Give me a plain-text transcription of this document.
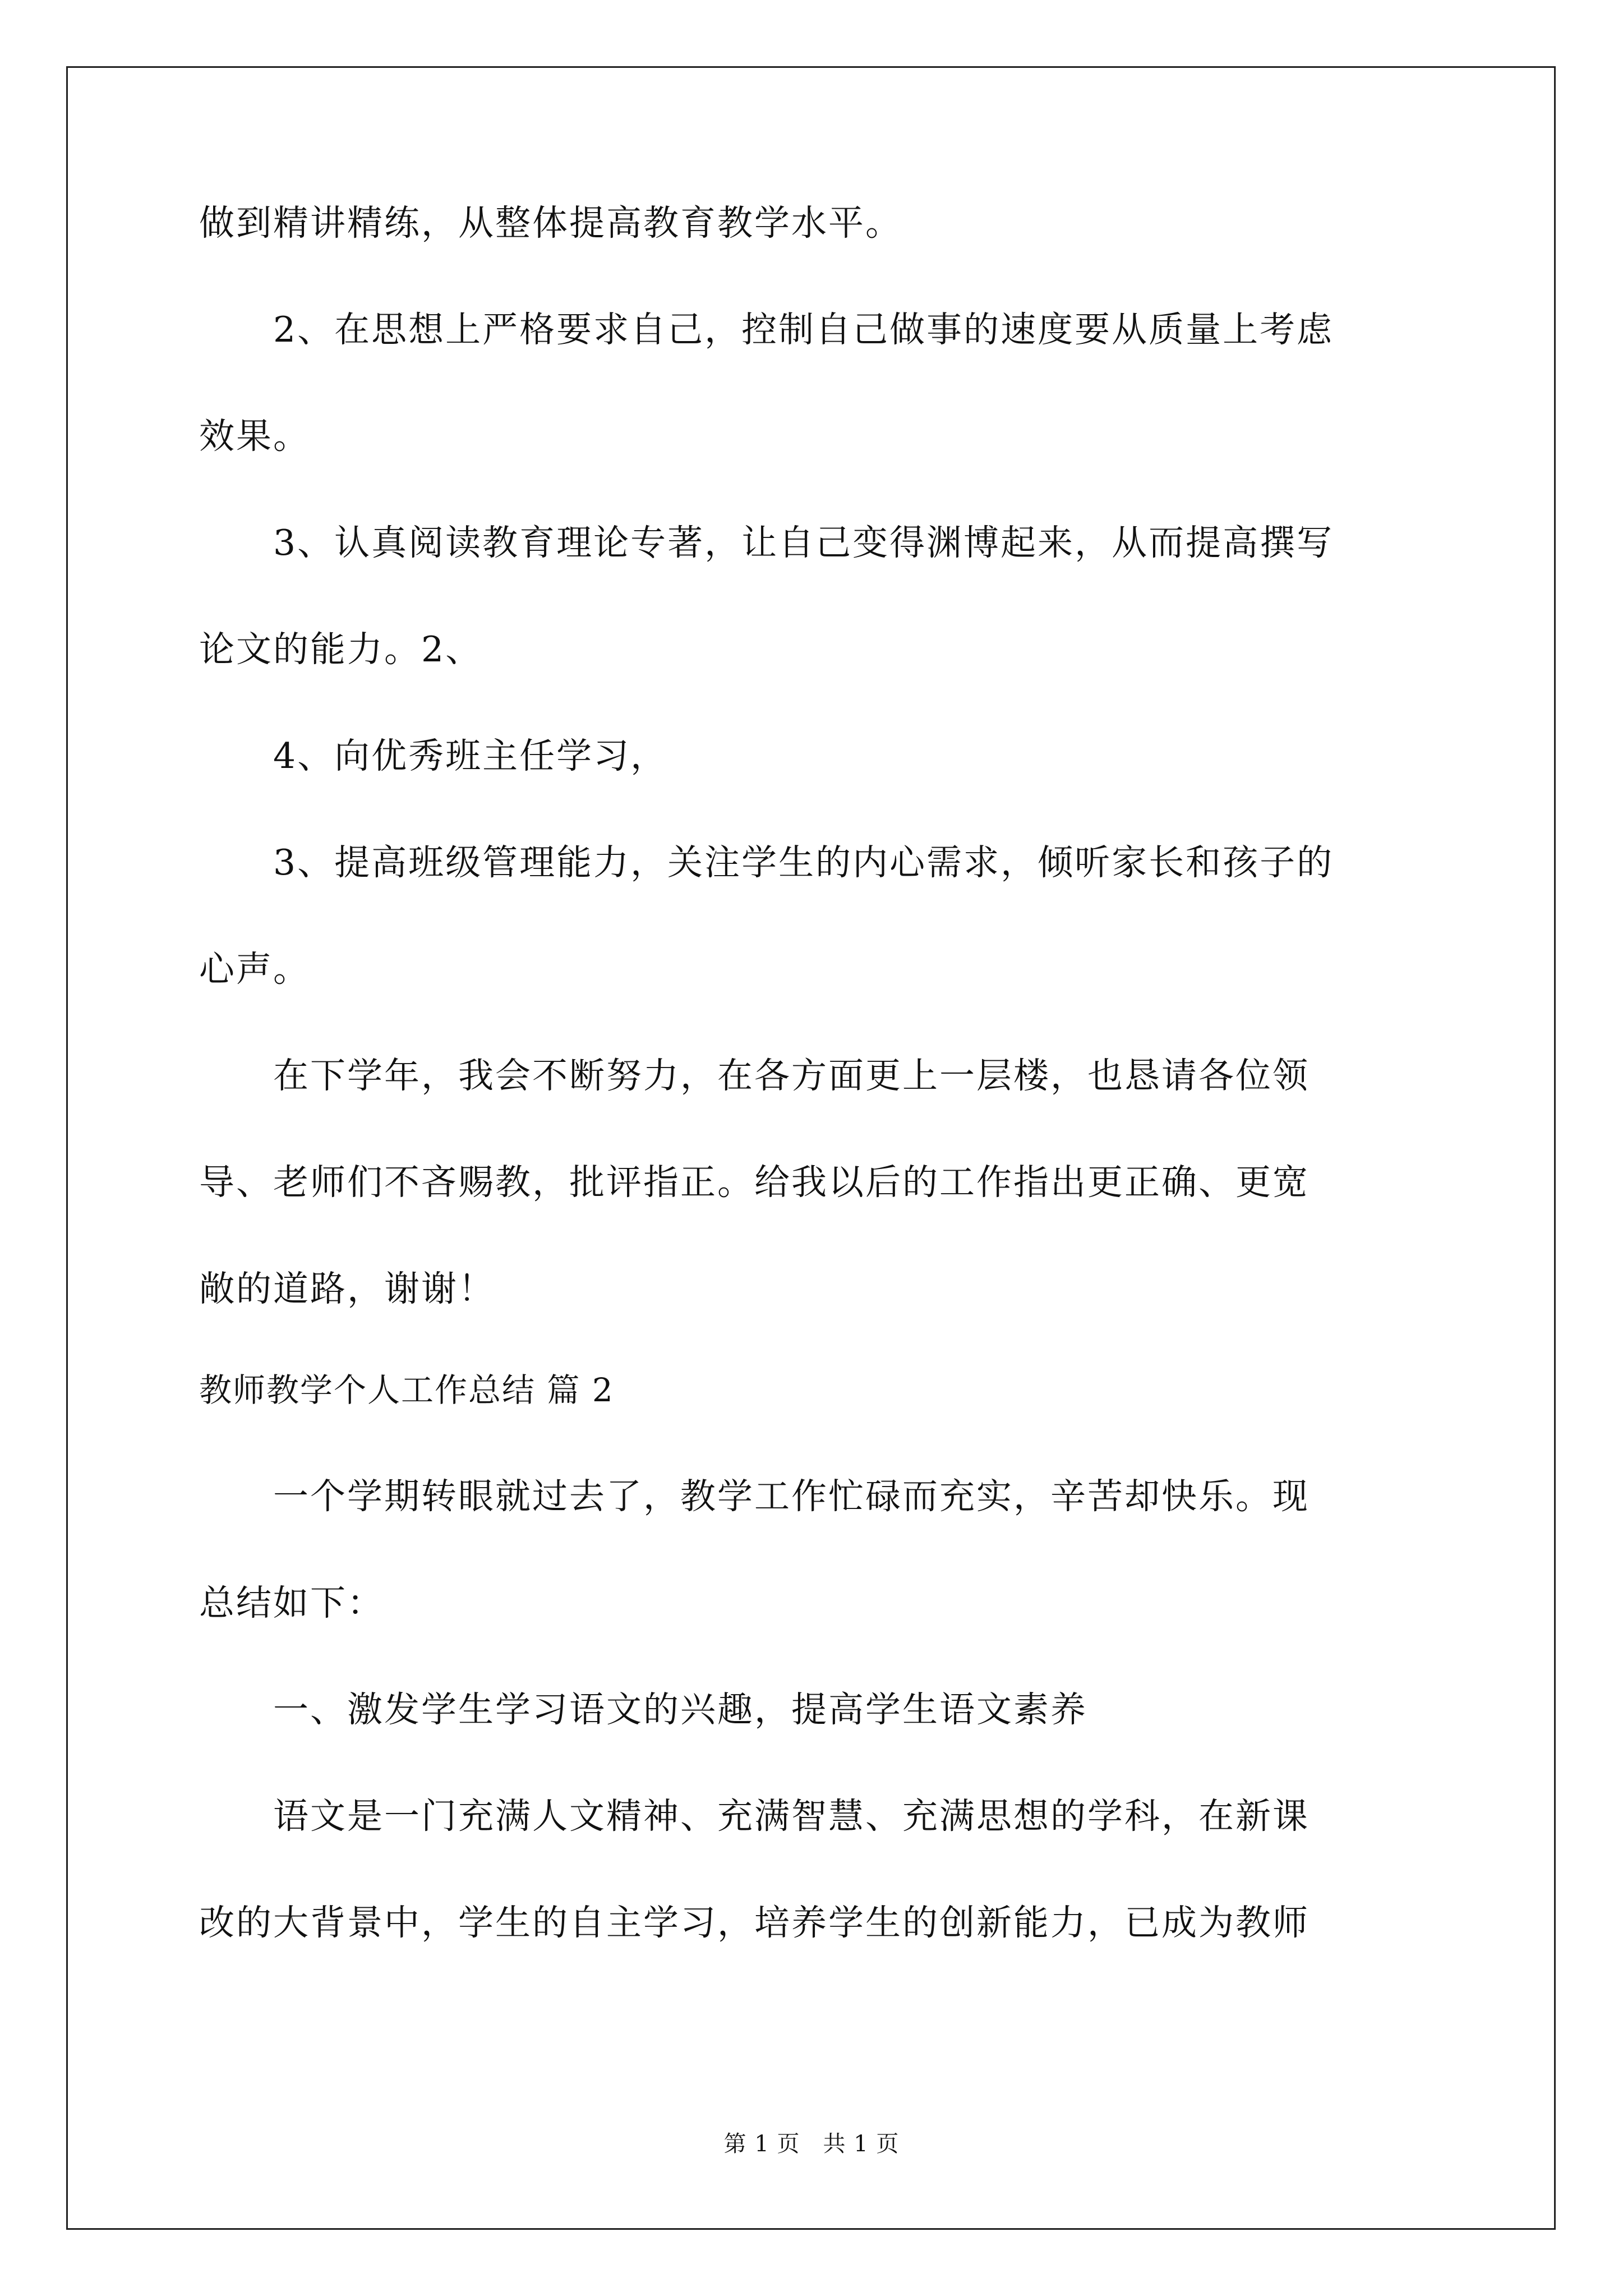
做到精讲精练，从整体提高教育教学水平。
　　2、在思想上严格要求自己，控制自己做事的速度要从质量上考虑
效果。
　　3、认真阅读教育理论专著，让自己变得渊博起来，从而提高撰写
论文的能力。2、
　　4、向优秀班主任学习，
　　3、提高班级管理能力，关注学生的内心需求，倾听家长和孩子的
心声。
　　在下学年，我会不断努力，在各方面更上一层楼，也恳请各位领
导、老师们不吝赐教，批评指正。给我以后的工作指出更正确、更宽
敞的道路，谢谢！
教师教学个人工作总结 篇 2
　　一个学期转眼就过去了，教学工作忙碌而充实，辛苦却快乐。现
总结如下：
　　一、激发学生学习语文的兴趣，提高学生语文素养
　　语文是一门充满人文精神、充满智慧、充满思想的学科，在新课
改的大背景中，学生的自主学习，培养学生的创新能力，已成为教师
第 1 页　共 1 页
